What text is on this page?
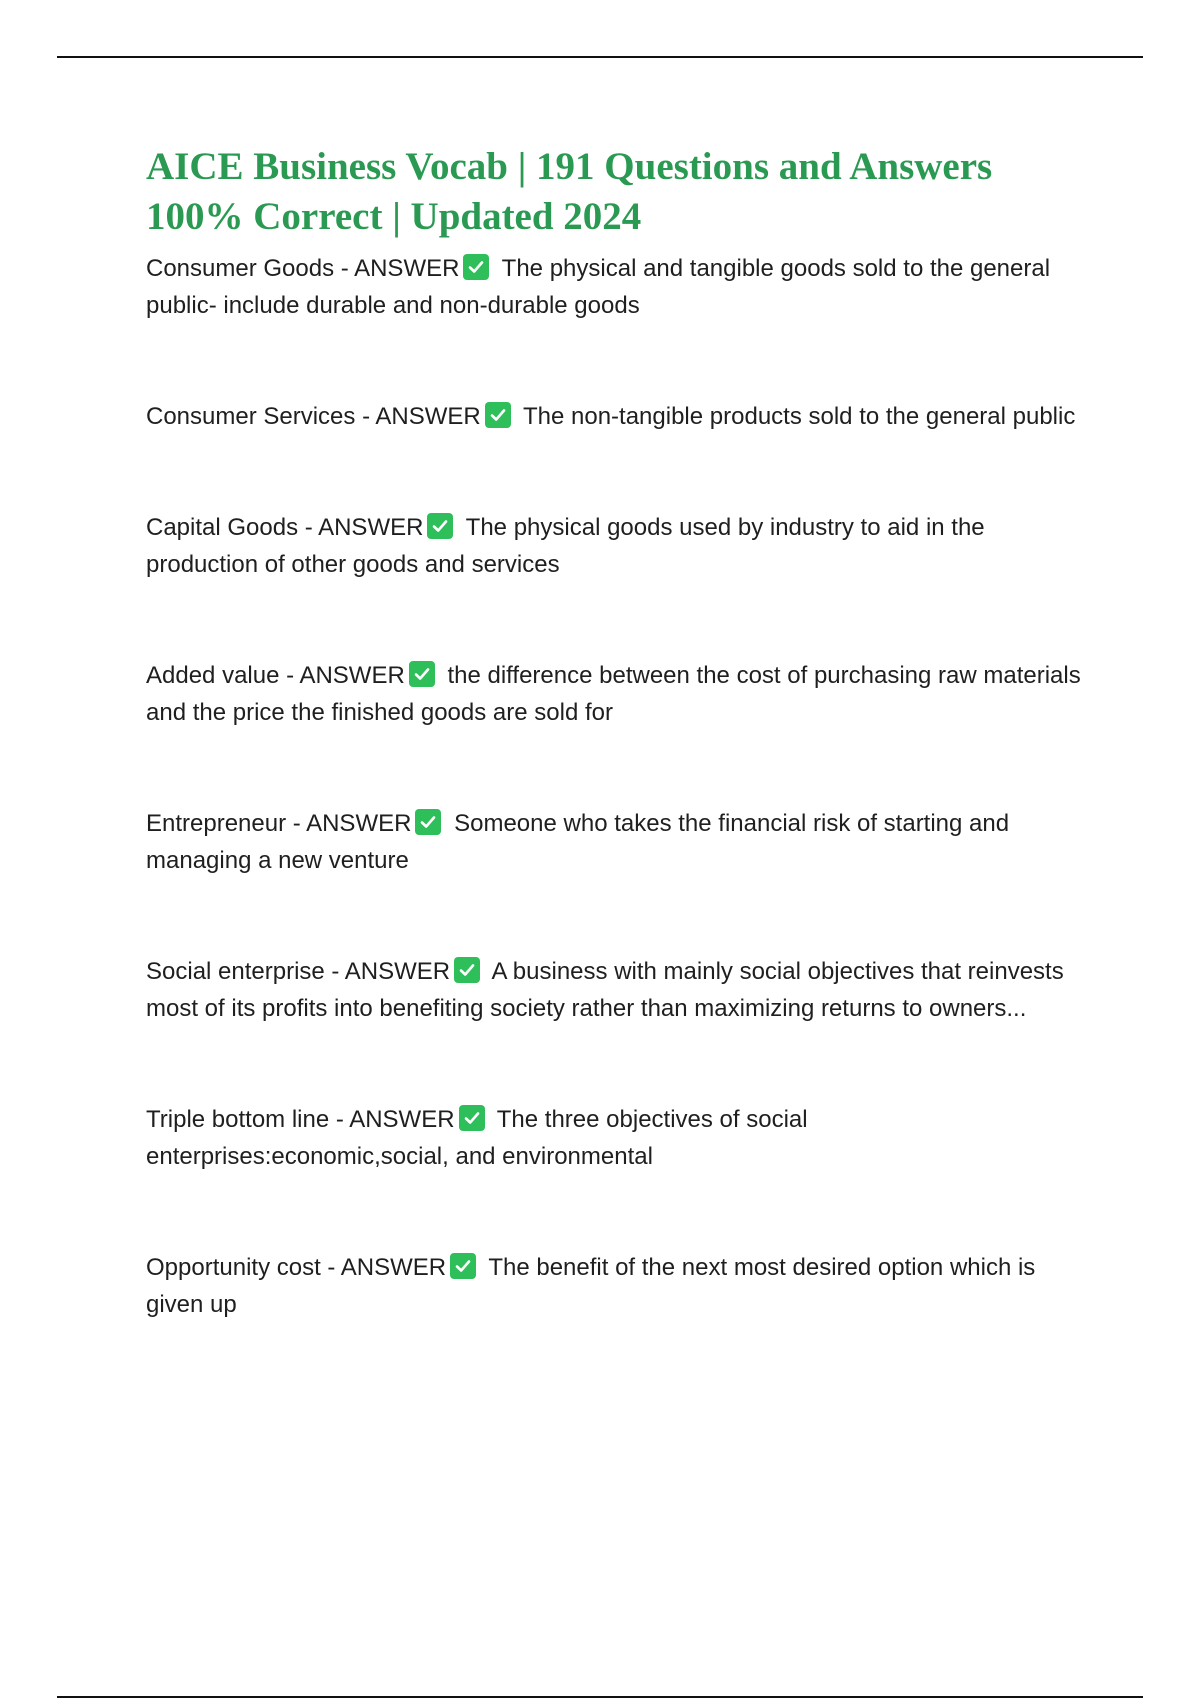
AICE Business Vocab | 191 Questions and Answers 100% Correct | Updated 2024
Consumer Goods - ANSWER The physical and tangible goods sold to the general public- include durable and non-durable goods
Consumer Services - ANSWER The non-tangible products sold to the general public
Capital Goods - ANSWER The physical goods used by industry to aid in the production of other goods and services
Added value - ANSWER the difference between the cost of purchasing raw materials and the price the finished goods are sold for
Entrepreneur - ANSWER Someone who takes the financial risk of starting and managing a new venture
Social enterprise - ANSWER A business with mainly social objectives that reinvests most of its profits into benefiting society rather than maximizing returns to owners...
Triple bottom line - ANSWER The three objectives of social enterprises:economic,social, and environmental
Opportunity cost - ANSWER The benefit of the next most desired option which is given up
